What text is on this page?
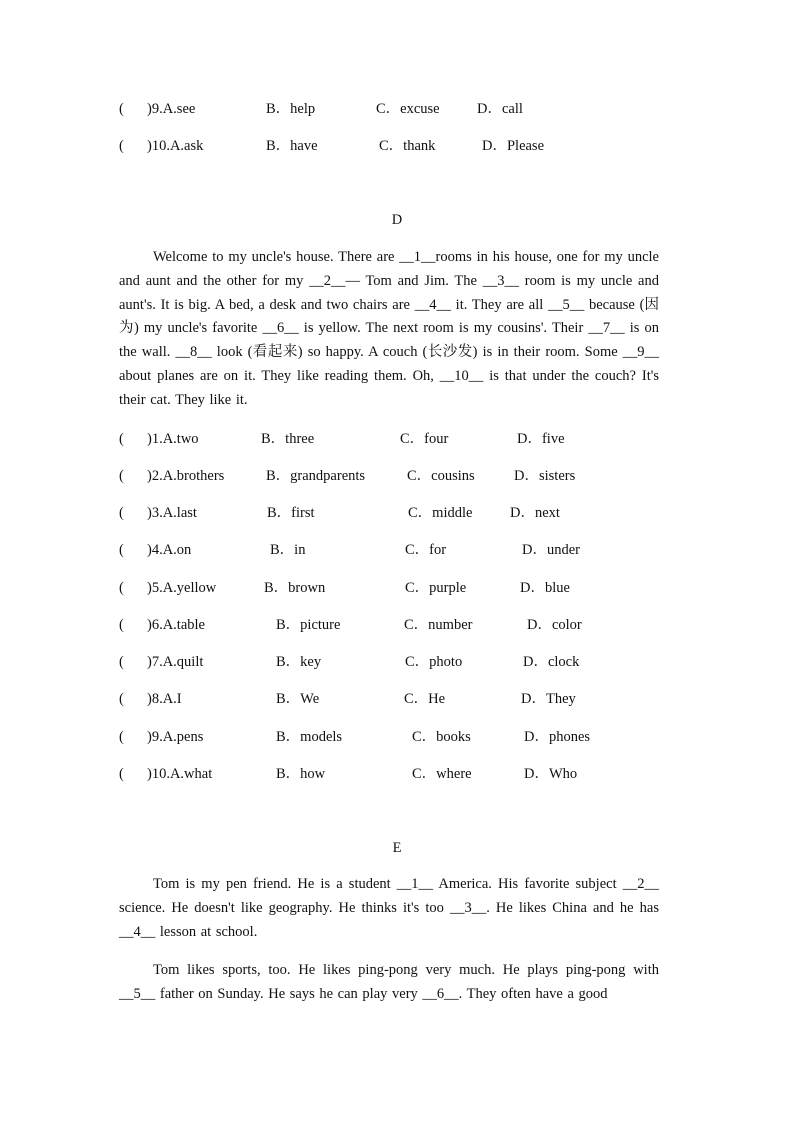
( )9.A.see	B．help	C．excuse	D．call
( )10.A.ask	B．have	C．thank	D．Please
D

Welcome to my uncle's house. There are __1__rooms in his house, one for my uncle and aunt and the other for my __2__— Tom and Jim. The __3__ room is my uncle and aunt's. It is big. A bed, a desk and two chairs are __4__ it. They are all __5__ because (因为) my uncle's favorite __6__ is yellow. The next room is my cousins'. Their __7__ is on the wall. __8__ look (看起来) so happy. A couch (长沙发) is in their room. Some __9__ about planes are on it. They like reading them. Oh, __10__ is that under the couch? It's their cat. They like it.

( )1.A.two	B．three	C．four	D．five
( )2.A.brothers	B．grandparents	C．cousins	D．sisters
( )3.A.last	B．first	C．middle	D．next
( )4.A.on	B．in	C．for	D．under
( )5.A.yellow	B．brown	C．purple	D．blue
( )6.A.table	B．picture	C．number	D．color
( )7.A.quilt	B．key	C．photo	D．clock
( )8.A.I	B．We	C．He	D．They
( )9.A.pens	B．models	C．books	D．phones
( )10.A.what	B．how	C．where	D．Who
E

Tom is my pen friend. He is a student __1__ America. His favorite subject __2__ science. He doesn't like geography. He thinks it's too __3__. He likes China and he has __4__ lesson at school.

Tom likes sports, too. He likes ping-pong very much. He plays ping-pong with __5__ father on Sunday. He says he can play very __6__. They often have a good
